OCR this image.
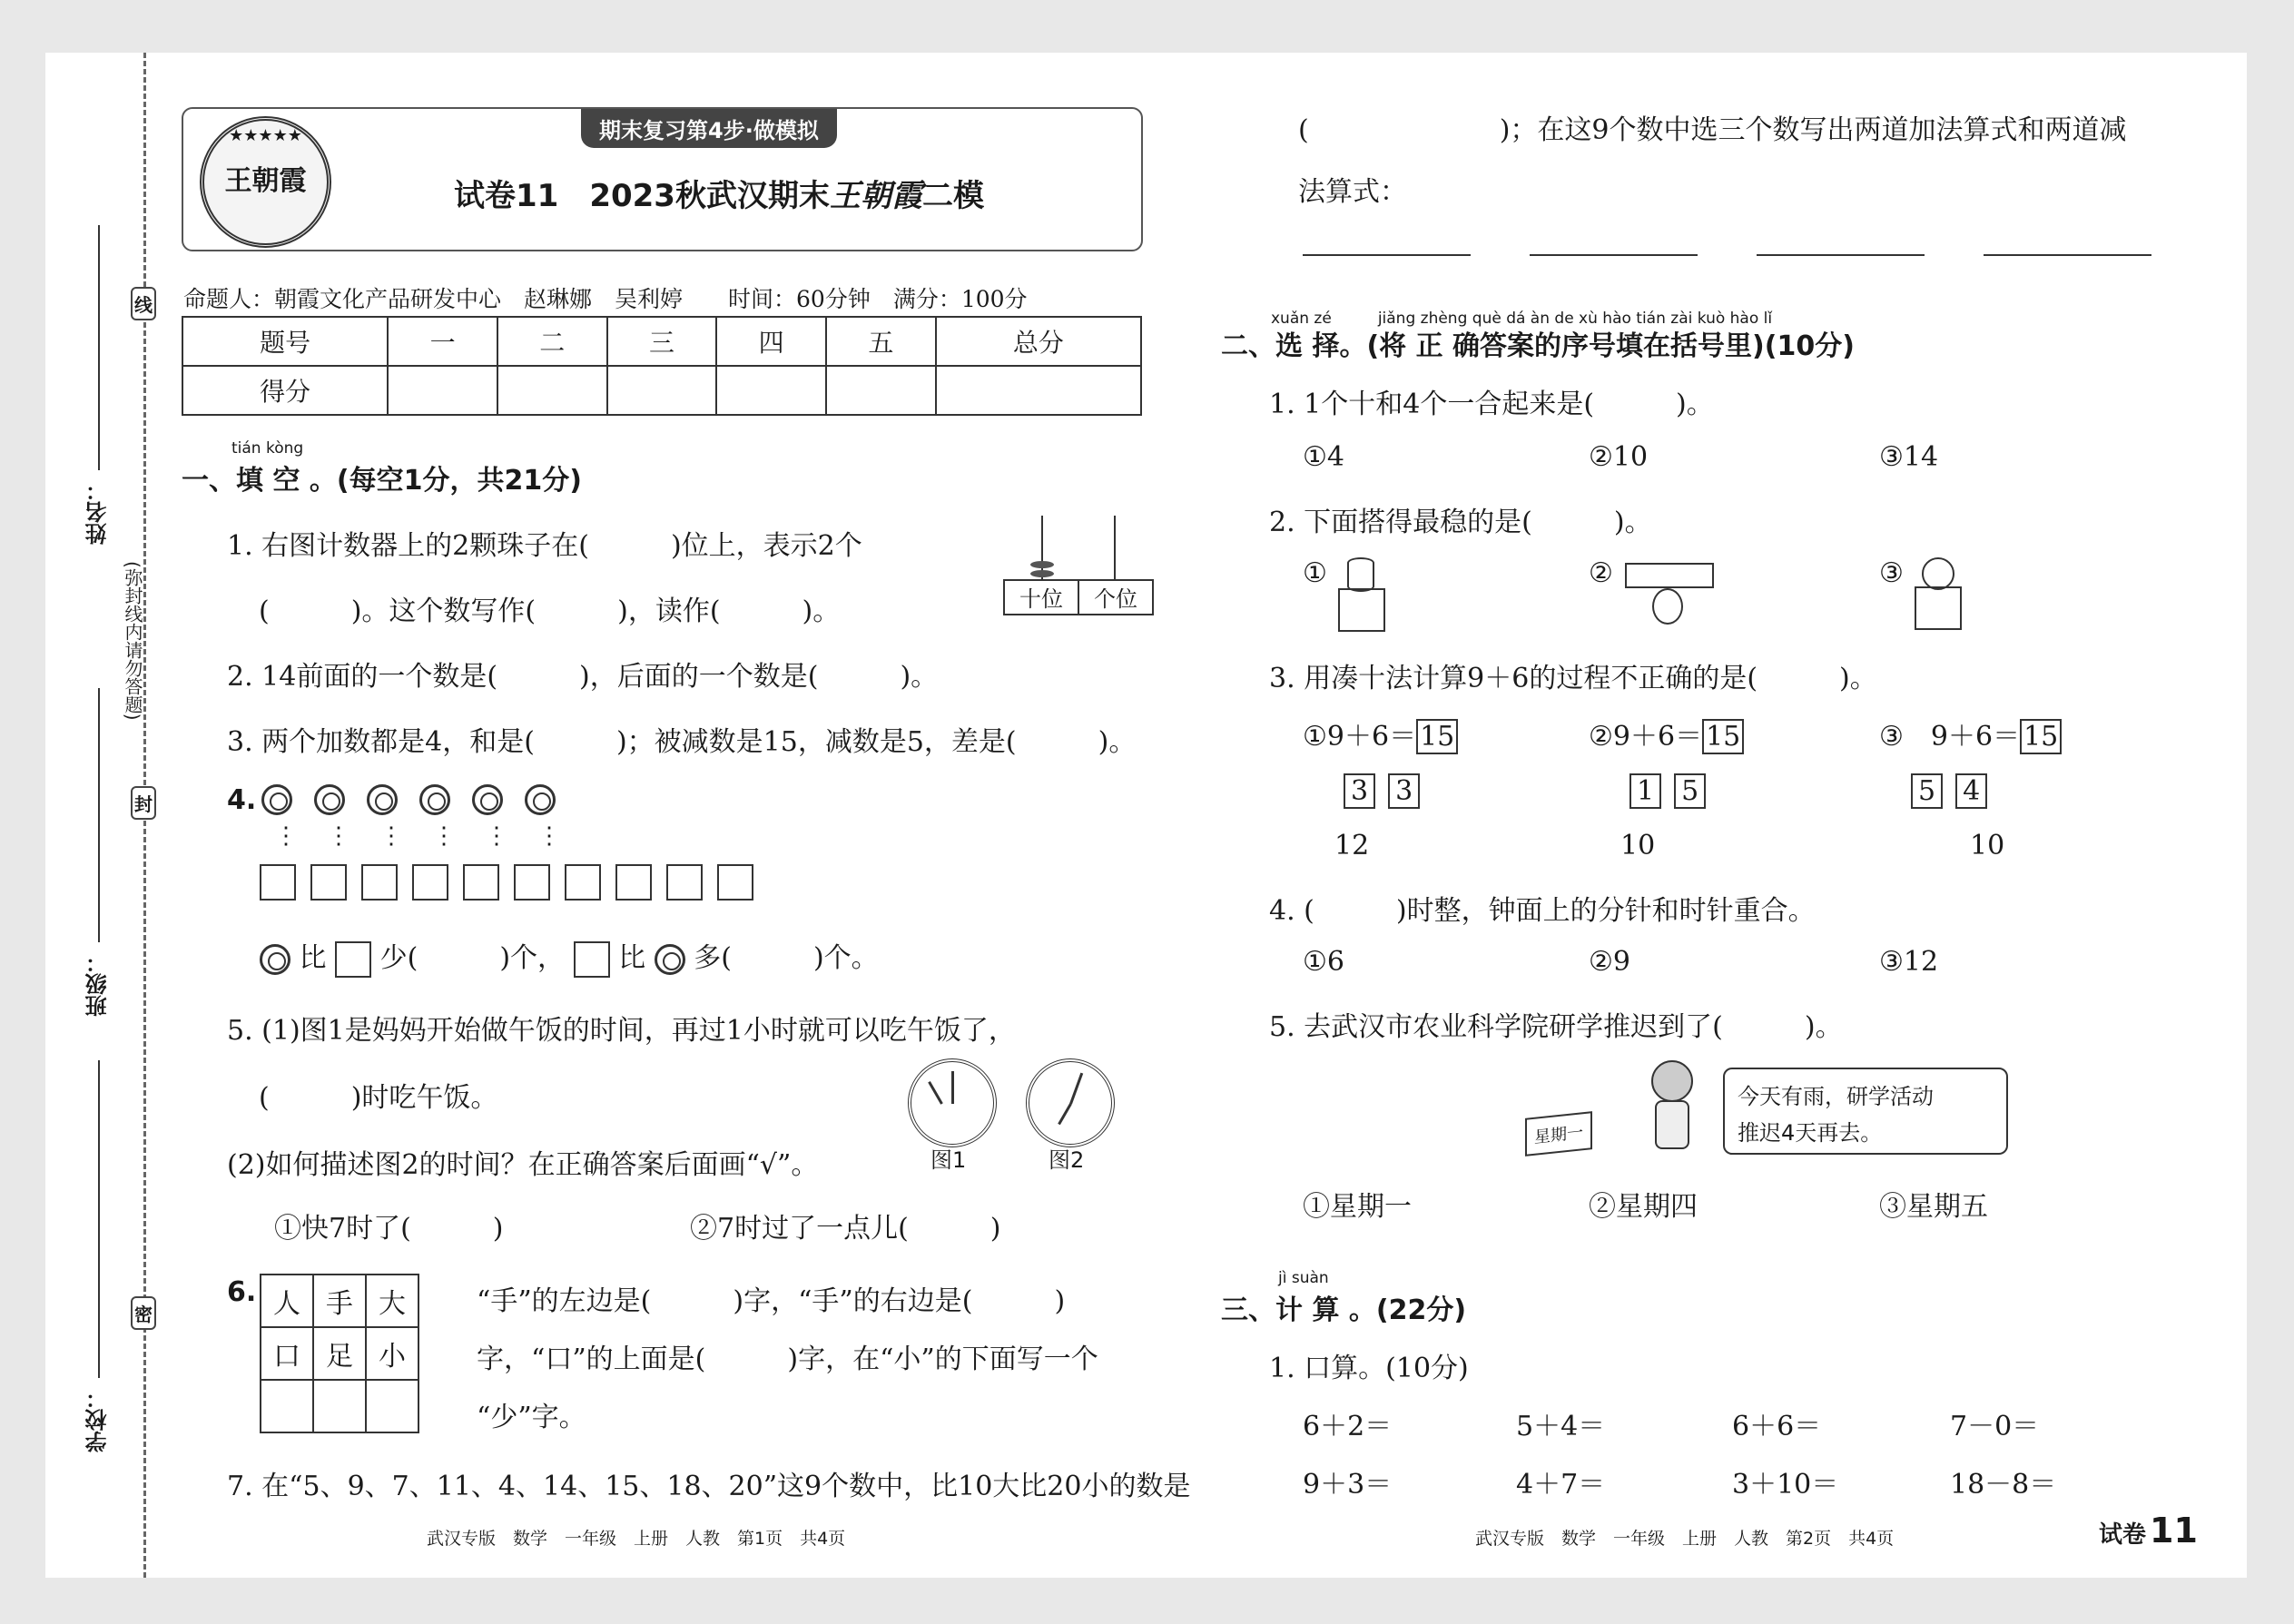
线
封
密
(弥封线内请勿答题)
姓名：
班级：
学校：
★★★★★
王朝霞
期末复习第4步·做模拟
试卷11　2023秋武汉期末王朝霞二模
命题人：朝霞文化产品研发中心　赵琳娜　吴利婷　　时间：60分钟　满分：100分
题号	一	二	三	四	五	总分
得分						
tián kòng
一、填 空 。(每空1分，共21分)
1. 右图计数器上的2颗珠子在(　　　)位上，表示2个
(　　　)。这个数写作(　　　)，读作(　　　)。	十位	个位
2. 14前面的一个数是(　　　)，后面的一个数是(　　　)。
3. 两个加数都是4，和是(　　　)；被减数是15，减数是5，差是(　　　)。
4.
⋮ ⋮ ⋮ ⋮ ⋮ ⋮
比 少(　　　)个， 比 多(　　　)个。
5. (1)图1是妈妈开始做午饭的时间，再过1小时就可以吃午饭了，
(　　　)时吃午饭。
(2)如何描述图2的时间？在正确答案后面画“√”。
①快7时了(　　　)	②7时过了一点儿(　　　)
图1	图2
6. 人	手	大
口	足	小

“手”的左边是(　　　)字，“手”的右边是(　　　)
字，“口”的上面是(　　　)字，在“小”的下面写一个
“少”字。
7. 在“5、9、7、11、4、14、15、18、20”这9个数中，比10大比20小的数是
武汉专版　数学　一年级　上册　人教　第1页　共4页
(　　　　　　　)；在这9个数中选三个数写出两道加法算式和两道减
法算式：
xuǎn zé　　　jiǎng zhèng què dá àn de xù hào tián zài kuò hào lǐ
二、选 择。(将 正 确答案的序号填在括号里)(10分)
1. 1个十和4个一合起来是(　　　)。
①4	②10	③14
2. 下面搭得最稳的是(　　　)。
①	②	③
3. 用凑十法计算9＋6的过程不正确的是(　　　)。
①9＋6＝ 15
3 3
12
②9＋6＝ 15
1 5
10
③ 9＋6＝ 15
5 4
10
4. (　　　)时整，钟面上的分针和时针重合。
①6	②9	③12
5. 去武汉市农业科学院研学推迟到了(　　　)。
星期一
今天有雨，研学活动
推迟4天再去。
①星期一	②星期四	③星期五
jì suàn
三、计 算 。(22分)
1. 口算。(10分)
6＋2＝	5＋4＝	6＋6＝	7－0＝
9＋3＝	4＋7＝	3＋10＝	18－8＝
武汉专版　数学　一年级　上册　人教　第2页　共4页	试卷 11
